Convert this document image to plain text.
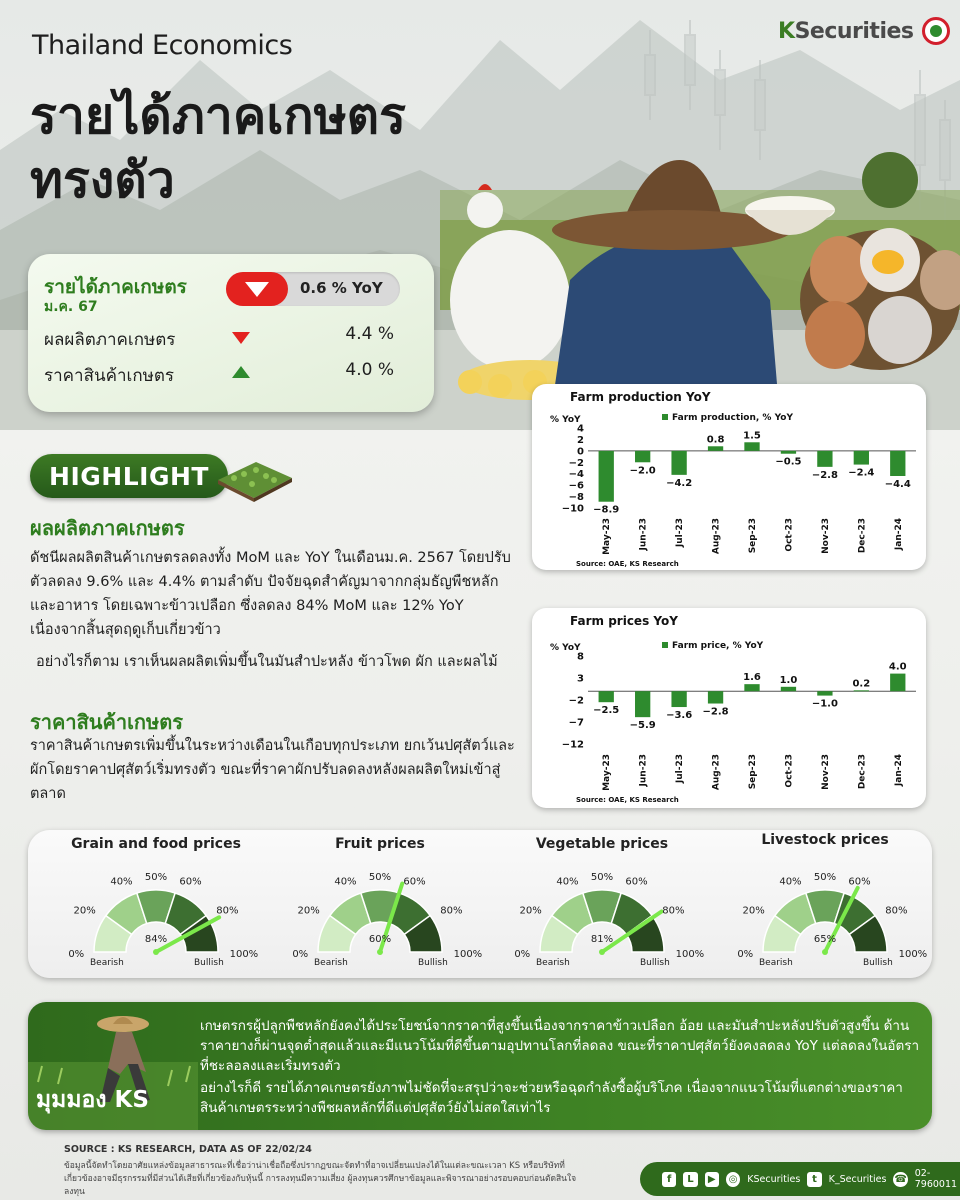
Thailand Economics
รายได้ภาคเกษตรทรงตัว
KSecurities
รายได้ภาคเกษตร
ม.ค. 67
0.6 % YoY
ผลผลิตภาคเกษตร	4.4 %
ราคาสินค้าเกษตร	4.0 %
HIGHLIGHT
ผลผลิตภาคเกษตร
ดัชนีผลผลิตสินค้าเกษตรลดลงทั้ง MoM และ YoY ในเดือนม.ค. 2567 โดยปรับตัวลดลง 9.6% และ 4.4% ตามลำดับ ปัจจัยฉุดสำคัญมาจากกลุ่มธัญพืชหลักและอาหาร โดยเฉพาะข้าวเปลือก ซึ่งลดลง 84% MoM และ 12% YoY เนื่องจากสิ้นสุดฤดูเก็บเกี่ยวข้าว
อย่างไรก็ตาม เราเห็นผลผลิตเพิ่มขึ้นในมันสำปะหลัง ข้าวโพด ผัก และผลไม้
ราคาสินค้าเกษตร
ราคาสินค้าเกษตรเพิ่มขึ้นในระหว่างเดือนในเกือบทุกประเภท ยกเว้นปศุสัตว์และผักโดยราคาปศุสัตว์เริ่มทรงตัว ขณะที่ราคาผักปรับลดลงหลังผลผลิตใหม่เข้าสู่ตลาด
Farm production YoY
% YoY	Farm production, % YoY
4
2
0
−2
−4
−6
−8
−10 −8.9
May-23
−2.0
Jun-23
−4.2
Jul-23
0.8
Aug-23
1.5
Sep-23
−0.5
Oct-23
−2.8
Nov-23
−2.4
Dec-23
−4.4
Jan-24
Source: OAE, KS Research
Farm prices YoY
% YoY	Farm price, % YoY
8
3
−2
−7
−12
−2.5
May-23
−5.9
Jun-23
−3.6
Jul-23
−2.8
Aug-23
1.6
Sep-23
1.0
Oct-23
−1.0
Nov-23
0.2
Dec-23
4.0
Jan-24
Source: OAE, KS Research
Grain and food prices
0%
20%
40% 50% 60%
80%
100%
84%
Bearish	Bullish
Fruit prices
0%
20%
40% 50% 60%
80%
100%
60%
Bearish	Bullish
Vegetable prices
0%
20%
40% 50% 60%
80%
100%
81%
Bearish	Bullish
Livestock prices
0%
20%
40% 50% 60%
80%
100%
65%
Bearish	Bullish
มุมมอง KS
เกษตรกรผู้ปลูกพืชหลักยังคงได้ประโยชน์จากราคาที่สูงขึ้นเนื่องจากราคาข้าวเปลือก อ้อย และมันสำปะหลังปรับตัวสูงขึ้น ด้านราคายางก็ผ่านจุดต่ำสุดแล้วและมีแนวโน้มที่ดีขึ้นตามอุปทานโลกที่ลดลง ขณะที่ราคาปศุสัตว์ยังคงลดลง YoY แต่ลดลงในอัตราที่ชะลอลงและเริ่มทรงตัว
อย่างไรก็ดี รายได้ภาคเกษตรยังภาพไม่ชัดที่จะสรุปว่าจะช่วยหรือฉุดกำลังซื้อผู้บริโภค เนื่องจากแนวโน้มที่แตกต่างของราคาสินค้าเกษตรระหว่างพืชผลหลักที่ดีแต่ปศุสัตว์ยังไม่สดใสเท่าไร
SOURCE : KS RESEARCH, DATA AS OF 22/02/24
ข้อมูลนี้จัดทำโดยอาศัยแหล่งข้อมูลสาธารณะที่เชื่อว่าน่าเชื่อถือซึ่งปรากฏขณะจัดทำที่อาจเปลี่ยนแปลงได้ในแต่ละขณะเวลา KS หรือบริษัทที่เกี่ยวข้องอาจมีธุรกรรมที่มีส่วนได้เสียที่เกี่ยวข้องกับหุ้นนี้ การลงทุนมีความเสี่ยง ผู้ลงทุนควรศึกษาข้อมูลและพิจารณาอย่างรอบคอบก่อนตัดสินใจลงทุน
f	L	▶	◎ KSecurities	t	K_Securities ☎ 02-7960011
